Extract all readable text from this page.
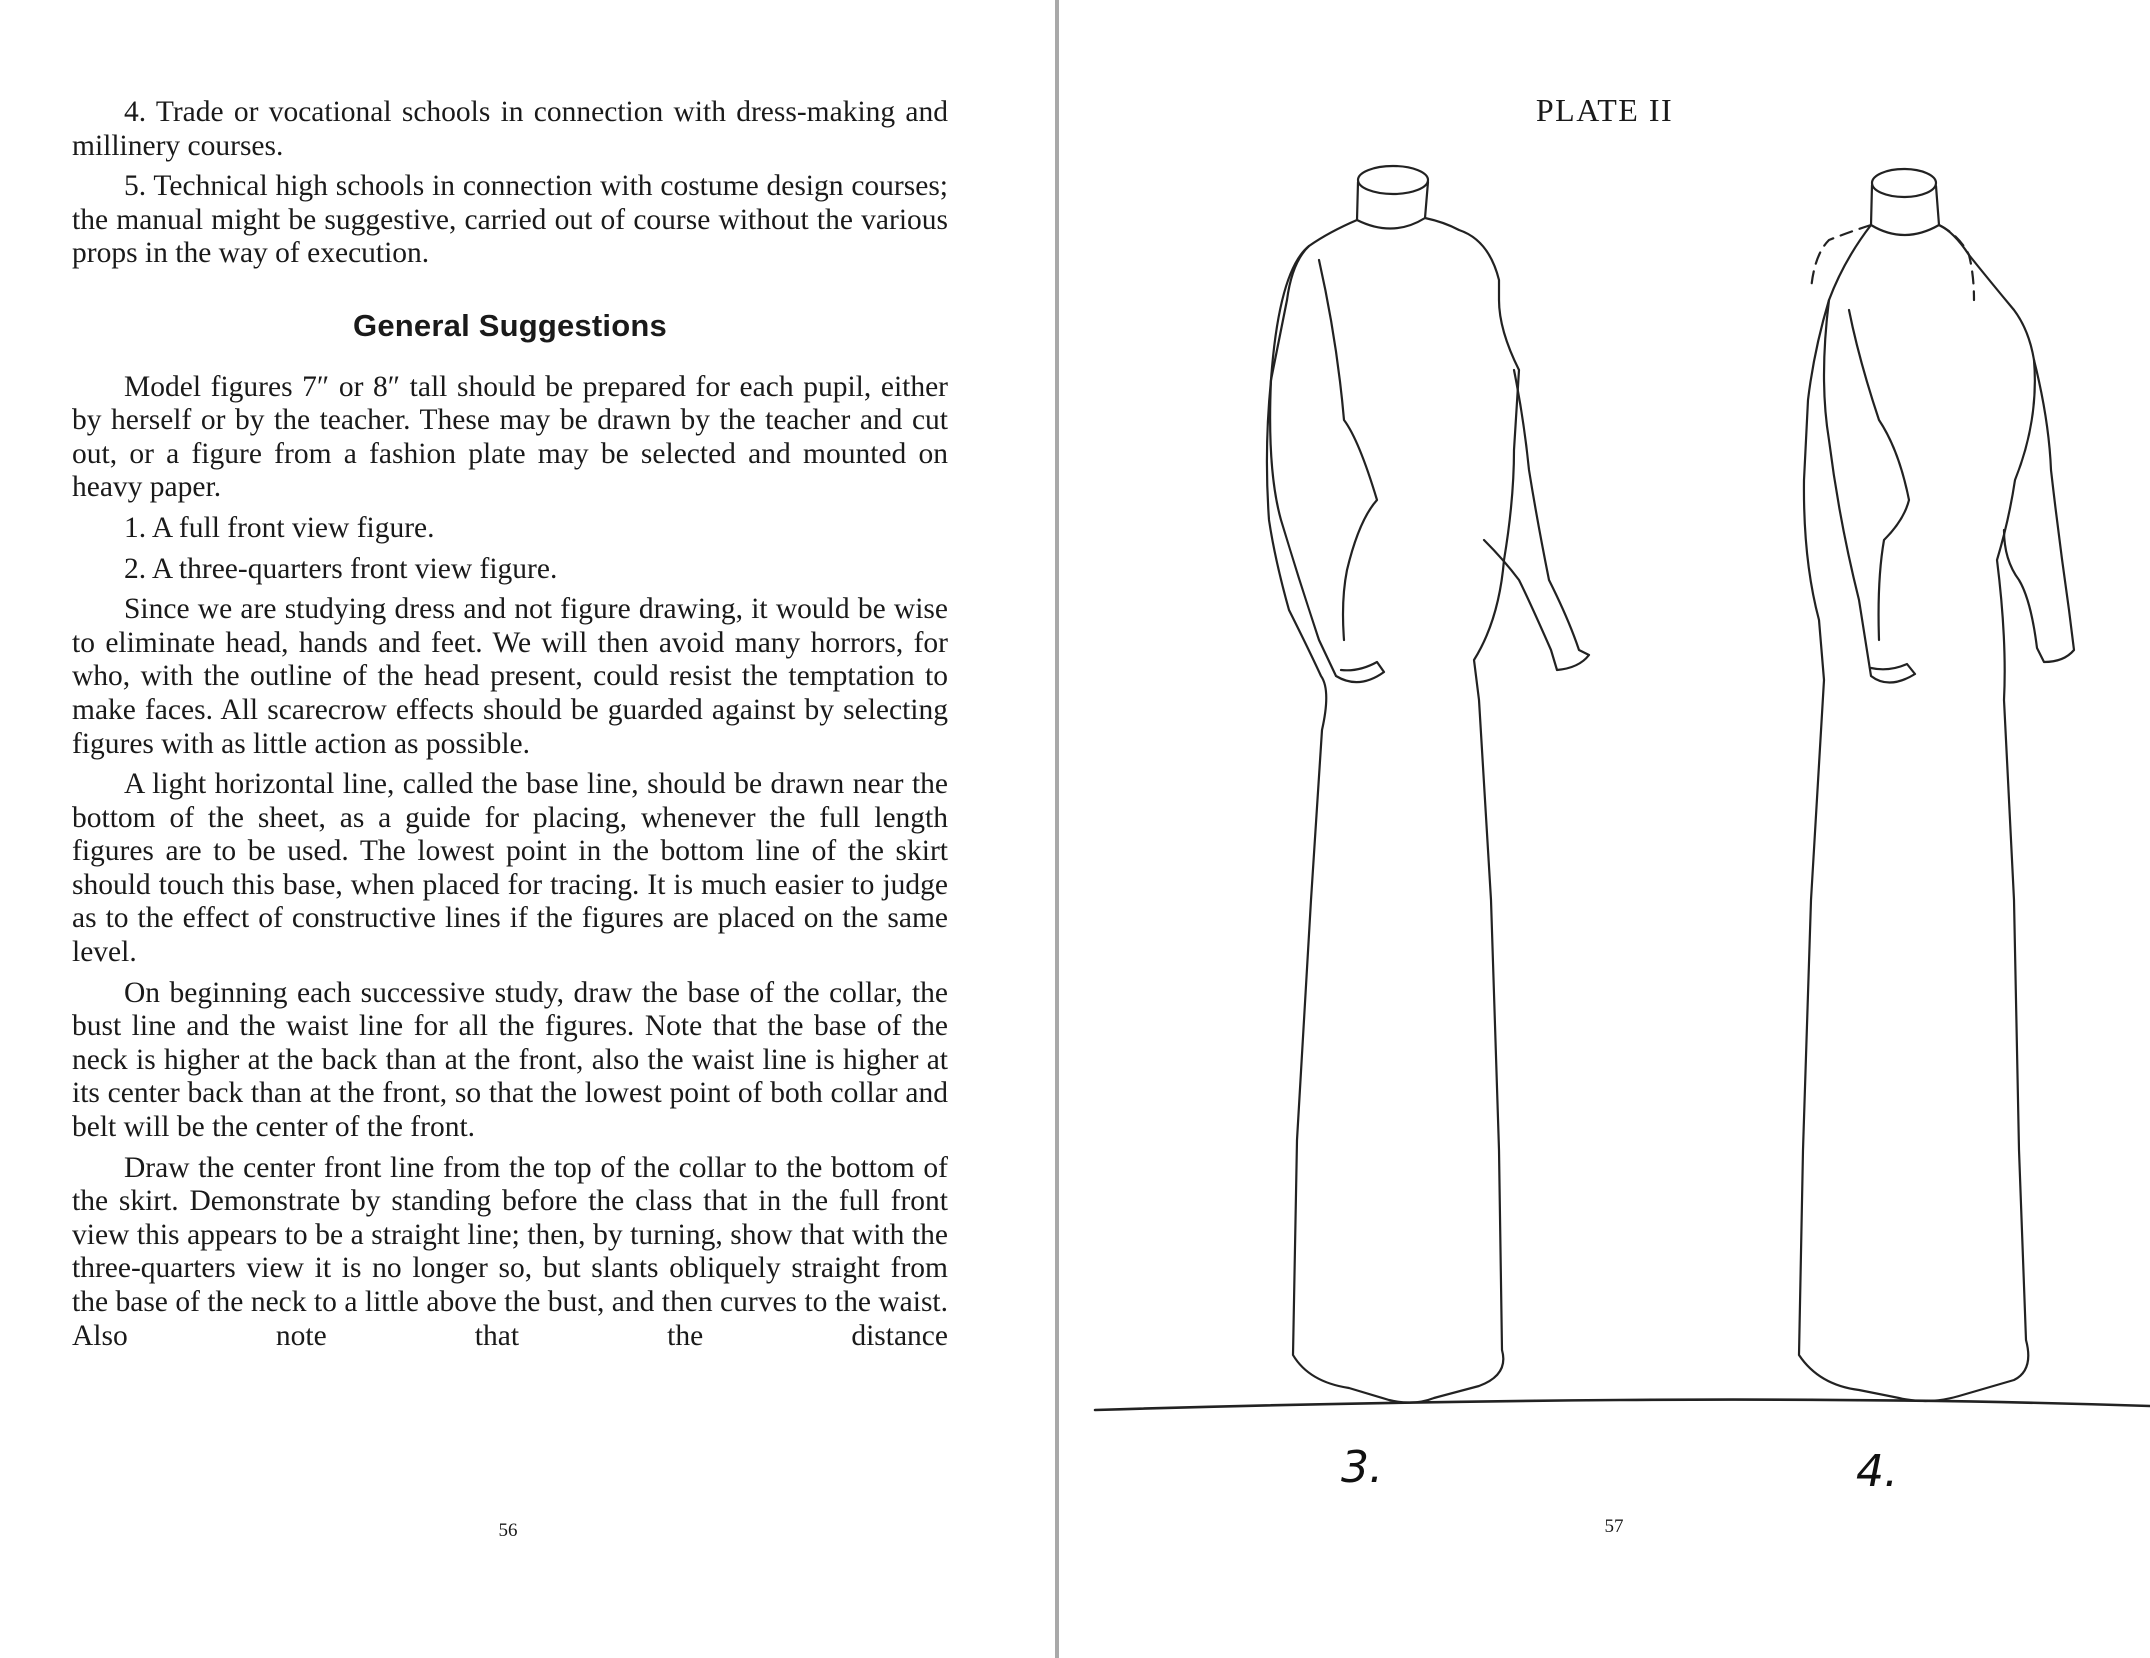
4. Trade or vocational schools in connection with dress-making and millinery courses.

5. Technical high schools in connection with costume design courses; the manual might be suggestive, carried out of course without the various props in the way of execution.

General Suggestions

Model figures 7″ or 8″ tall should be prepared for each pupil, either by herself or by the teacher. These may be drawn by the teacher and cut out, or a figure from a fashion plate may be selected and mounted on heavy paper.

1. A full front view figure.

2. A three-quarters front view figure.

Since we are studying dress and not figure drawing, it would be wise to eliminate head, hands and feet. We will then avoid many horrors, for who, with the outline of the head present, could resist the temptation to make faces. All scarecrow effects should be guarded against by selecting figures with as little action as possible.

A light horizontal line, called the base line, should be drawn near the bottom of the sheet, as a guide for placing, whenever the full length figures are to be used. The lowest point in the bottom line of the skirt should touch this base, when placed for tracing. It is much easier to judge as to the effect of constructive lines if the figures are placed on the same level.

On beginning each successive study, draw the base of the collar, the bust line and the waist line for all the figures. Note that the base of the neck is higher at the back than at the front, also the waist line is higher at its center back than at the front, so that the lowest point of both collar and belt will be the center of the front.

Draw the center front line from the top of the collar to the bottom of the skirt. Demonstrate by standing before the class that in the full front view this appears to be a straight line; then, by turning, show that with the three-quarters view it is no longer so, but slants obliquely straight from the base of the neck to a little above the bust, and then curves to the waist. Also note that the distance

56
PLATE II
3.	4.
57
